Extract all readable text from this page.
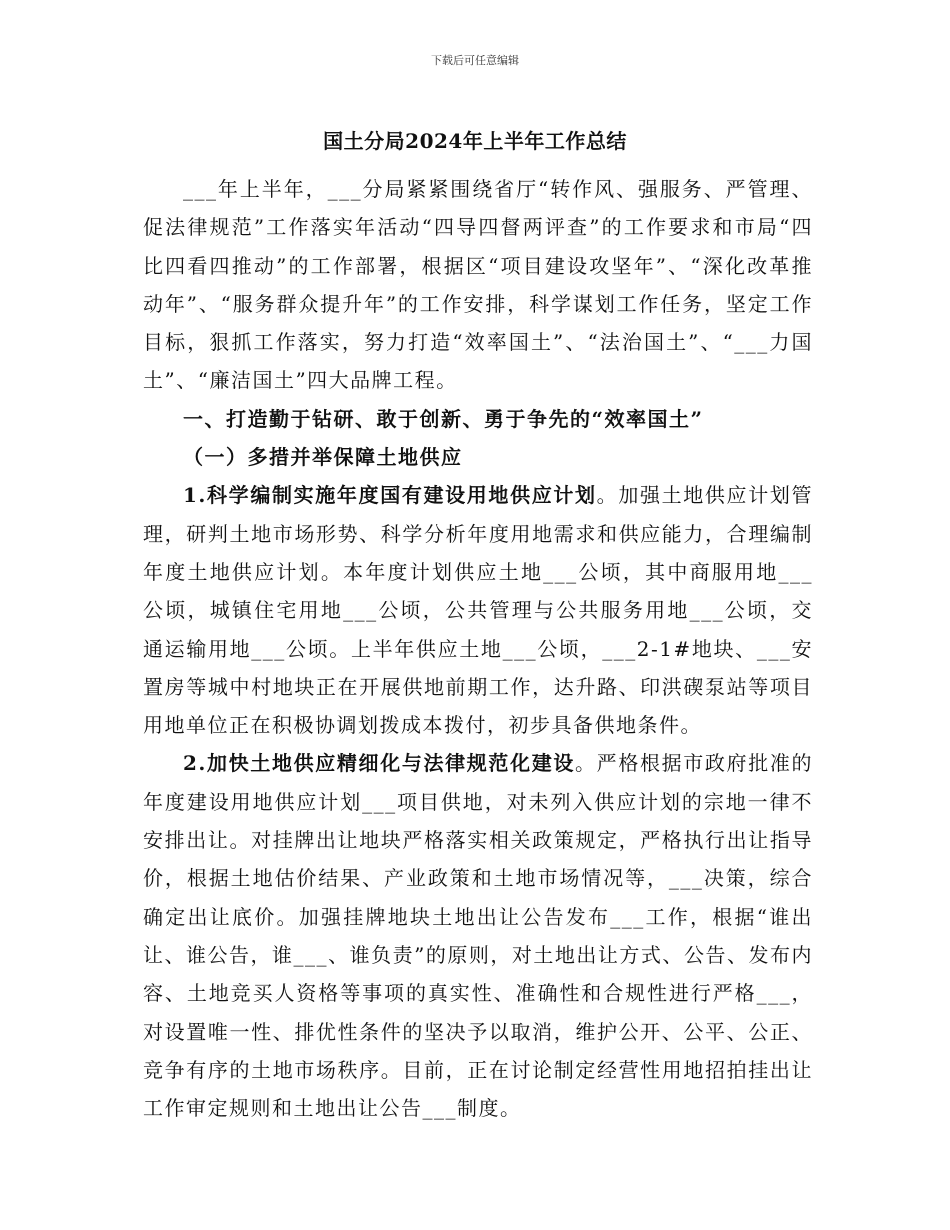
下载后可任意编辑
国土分局2024年上半年工作总结

___年上半年，___分局紧紧围绕省厅“转作风、强服务、严管理、促法律规范”工作落实年活动“四导四督两评查”的工作要求和市局“四比四看四推动”的工作部署，根据区“项目建设攻坚年”、“深化改革推动年”、“服务群众提升年”的工作安排，科学谋划工作任务，坚定工作目标，狠抓工作落实，努力打造“效率国土”、“法治国土”、“___力国土”、“廉洁国土”四大品牌工程。

一、打造勤于钻研、敢于创新、勇于争先的“效率国土”

（一）多措并举保障土地供应

1.科学编制实施年度国有建设用地供应计划。加强土地供应计划管理，研判土地市场形势、科学分析年度用地需求和供应能力，合理编制年度土地供应计划。本年度计划供应土地___公顷，其中商服用地___公顷，城镇住宅用地___公顷，公共管理与公共服务用地___公顷，交通运输用地___公顷。上半年供应土地___公顷，___2-1#地块、___安置房等城中村地块正在开展供地前期工作，达升路、印洪碶泵站等项目用地单位正在积极协调划拨成本拨付，初步具备供地条件。

2.加快土地供应精细化与法律规范化建设。严格根据市政府批准的年度建设用地供应计划___项目供地，对未列入供应计划的宗地一律不安排出让。对挂牌出让地块严格落实相关政策规定，严格执行出让指导价，根据土地估价结果、产业政策和土地市场情况等，___决策，综合确定出让底价。加强挂牌地块土地出让公告发布___工作，根据“谁出让、谁公告，谁___、谁负责”的原则，对土地出让方式、公告、发布内容、土地竞买人资格等事项的真实性、准确性和合规性进行严格___，对设置唯一性、排优性条件的坚决予以取消，维护公开、公平、公正、竞争有序的土地市场秩序。目前，正在讨论制定经营性用地招拍挂出让工作审定规则和土地出让公告___制度。
